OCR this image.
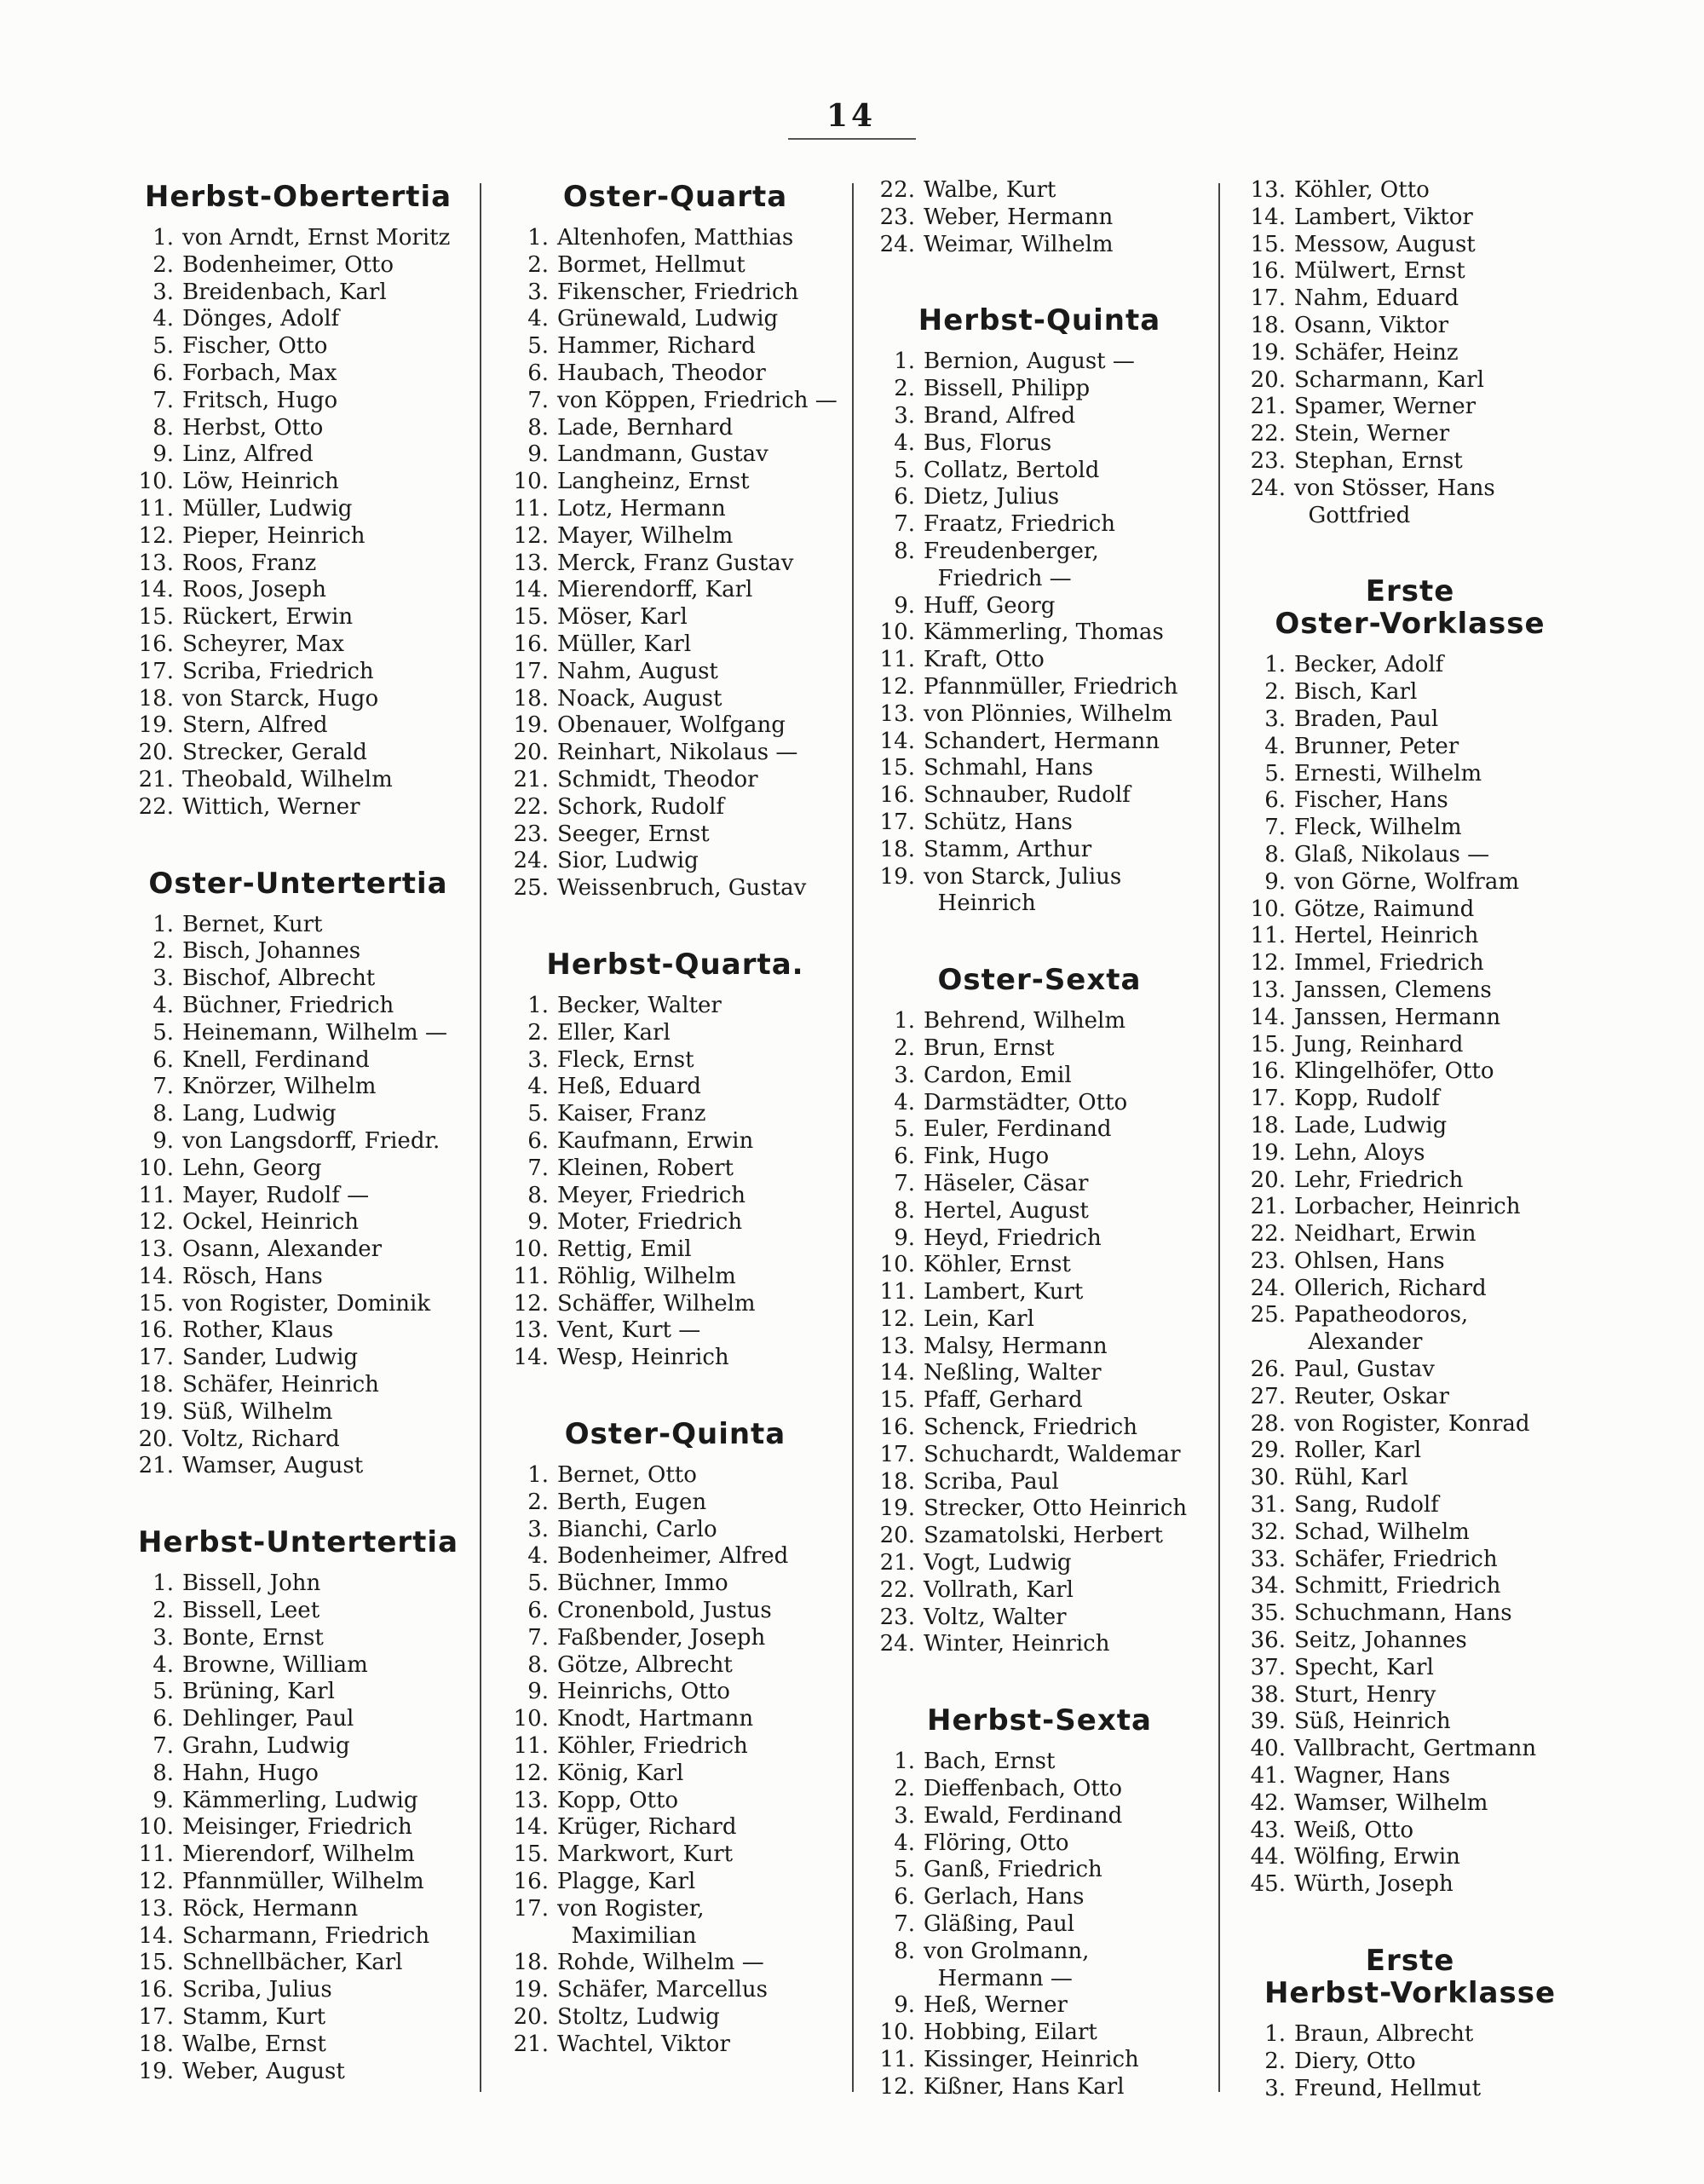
14
Herbst-Obertertia
1. von Arndt, Ernst Moritz
2. Bodenheimer, Otto
3. Breidenbach, Karl
4. Dönges, Adolf
5. Fischer, Otto
6. Forbach, Max
7. Fritsch, Hugo
8. Herbst, Otto
9. Linz, Alfred
10. Löw, Heinrich
11. Müller, Ludwig
12. Pieper, Heinrich
13. Roos, Franz
14. Roos, Joseph
15. Rückert, Erwin
16. Scheyrer, Max
17. Scriba, Friedrich
18. von Starck, Hugo
19. Stern, Alfred
20. Strecker, Gerald
21. Theobald, Wilhelm
22. Wittich, Werner
Oster-Untertertia
1. Bernet, Kurt
2. Bisch, Johannes
3. Bischof, Albrecht
4. Büchner, Friedrich
5. Heinemann, Wilhelm —
6. Knell, Ferdinand
7. Knörzer, Wilhelm
8. Lang, Ludwig
9. von Langsdorff, Friedr.
10. Lehn, Georg
11. Mayer, Rudolf —
12. Ockel, Heinrich
13. Osann, Alexander
14. Rösch, Hans
15. von Rogister, Dominik
16. Rother, Klaus
17. Sander, Ludwig
18. Schäfer, Heinrich
19. Süß, Wilhelm
20. Voltz, Richard
21. Wamser, August
Herbst-Untertertia
1. Bissell, John
2. Bissell, Leet
3. Bonte, Ernst
4. Browne, William
5. Brüning, Karl
6. Dehlinger, Paul
7. Grahn, Ludwig
8. Hahn, Hugo
9. Kämmerling, Ludwig
10. Meisinger, Friedrich
11. Mierendorf, Wilhelm
12. Pfannmüller, Wilhelm
13. Röck, Hermann
14. Scharmann, Friedrich
15. Schnellbächer, Karl
16. Scriba, Julius
17. Stamm, Kurt
18. Walbe, Ernst
19. Weber, August
Oster-Quarta
1. Altenhofen, Matthias
2. Bormet, Hellmut
3. Fikenscher, Friedrich
4. Grünewald, Ludwig
5. Hammer, Richard
6. Haubach, Theodor
7. von Köppen, Friedrich —
8. Lade, Bernhard
9. Landmann, Gustav
10. Langheinz, Ernst
11. Lotz, Hermann
12. Mayer, Wilhelm
13. Merck, Franz Gustav
14. Mierendorff, Karl
15. Möser, Karl
16. Müller, Karl
17. Nahm, August
18. Noack, August
19. Obenauer, Wolfgang
20. Reinhart, Nikolaus —
21. Schmidt, Theodor
22. Schork, Rudolf
23. Seeger, Ernst
24. Sior, Ludwig
25. Weissenbruch, Gustav
Herbst-Quarta.
1. Becker, Walter
2. Eller, Karl
3. Fleck, Ernst
4. Heß, Eduard
5. Kaiser, Franz
6. Kaufmann, Erwin
7. Kleinen, Robert
8. Meyer, Friedrich
9. Moter, Friedrich
10. Rettig, Emil
11. Röhlig, Wilhelm
12. Schäffer, Wilhelm
13. Vent, Kurt —
14. Wesp, Heinrich
Oster-Quinta
1. Bernet, Otto
2. Berth, Eugen
3. Bianchi, Carlo
4. Bodenheimer, Alfred
5. Büchner, Immo
6. Cronenbold, Justus
7. Faßbender, Joseph
8. Götze, Albrecht
9. Heinrichs, Otto
10. Knodt, Hartmann
11. Köhler, Friedrich
12. König, Karl
13. Kopp, Otto
14. Krüger, Richard
15. Markwort, Kurt
16. Plagge, Karl
17. von Rogister,
Maximilian
18. Rohde, Wilhelm —
19. Schäfer, Marcellus
20. Stoltz, Ludwig
21. Wachtel, Viktor
22. Walbe, Kurt
23. Weber, Hermann
24. Weimar, Wilhelm
Herbst-Quinta
1. Bernion, August —
2. Bissell, Philipp
3. Brand, Alfred
4. Bus, Florus
5. Collatz, Bertold
6. Dietz, Julius
7. Fraatz, Friedrich
8. Freudenberger,
Friedrich —
9. Huff, Georg
10. Kämmerling, Thomas
11. Kraft, Otto
12. Pfannmüller, Friedrich
13. von Plönnies, Wilhelm
14. Schandert, Hermann
15. Schmahl, Hans
16. Schnauber, Rudolf
17. Schütz, Hans
18. Stamm, Arthur
19. von Starck, Julius
Heinrich
Oster-Sexta
1. Behrend, Wilhelm
2. Brun, Ernst
3. Cardon, Emil
4. Darmstädter, Otto
5. Euler, Ferdinand
6. Fink, Hugo
7. Häseler, Cäsar
8. Hertel, August
9. Heyd, Friedrich
10. Köhler, Ernst
11. Lambert, Kurt
12. Lein, Karl
13. Malsy, Hermann
14. Neßling, Walter
15. Pfaff, Gerhard
16. Schenck, Friedrich
17. Schuchardt, Waldemar
18. Scriba, Paul
19. Strecker, Otto Heinrich
20. Szamatolski, Herbert
21. Vogt, Ludwig
22. Vollrath, Karl
23. Voltz, Walter
24. Winter, Heinrich
Herbst-Sexta
1. Bach, Ernst
2. Dieffenbach, Otto
3. Ewald, Ferdinand
4. Flöring, Otto
5. Ganß, Friedrich
6. Gerlach, Hans
7. Gläßing, Paul
8. von Grolmann,
Hermann —
9. Heß, Werner
10. Hobbing, Eilart
11. Kissinger, Heinrich
12. Kißner, Hans Karl
13. Köhler, Otto
14. Lambert, Viktor
15. Messow, August
16. Mülwert, Ernst
17. Nahm, Eduard
18. Osann, Viktor
19. Schäfer, Heinz
20. Scharmann, Karl
21. Spamer, Werner
22. Stein, Werner
23. Stephan, Ernst
24. von Stösser, Hans
Gottfried
Erste
Oster-Vorklasse
1. Becker, Adolf
2. Bisch, Karl
3. Braden, Paul
4. Brunner, Peter
5. Ernesti, Wilhelm
6. Fischer, Hans
7. Fleck, Wilhelm
8. Glaß, Nikolaus —
9. von Görne, Wolfram
10. Götze, Raimund
11. Hertel, Heinrich
12. Immel, Friedrich
13. Janssen, Clemens
14. Janssen, Hermann
15. Jung, Reinhard
16. Klingelhöfer, Otto
17. Kopp, Rudolf
18. Lade, Ludwig
19. Lehn, Aloys
20. Lehr, Friedrich
21. Lorbacher, Heinrich
22. Neidhart, Erwin
23. Ohlsen, Hans
24. Ollerich, Richard
25. Papatheodoros,
Alexander
26. Paul, Gustav
27. Reuter, Oskar
28. von Rogister, Konrad
29. Roller, Karl
30. Rühl, Karl
31. Sang, Rudolf
32. Schad, Wilhelm
33. Schäfer, Friedrich
34. Schmitt, Friedrich
35. Schuchmann, Hans
36. Seitz, Johannes
37. Specht, Karl
38. Sturt, Henry
39. Süß, Heinrich
40. Vallbracht, Gertmann
41. Wagner, Hans
42. Wamser, Wilhelm
43. Weiß, Otto
44. Wölfing, Erwin
45. Würth, Joseph
Erste
Herbst-Vorklasse
1. Braun, Albrecht
2. Diery, Otto
3. Freund, Hellmut
